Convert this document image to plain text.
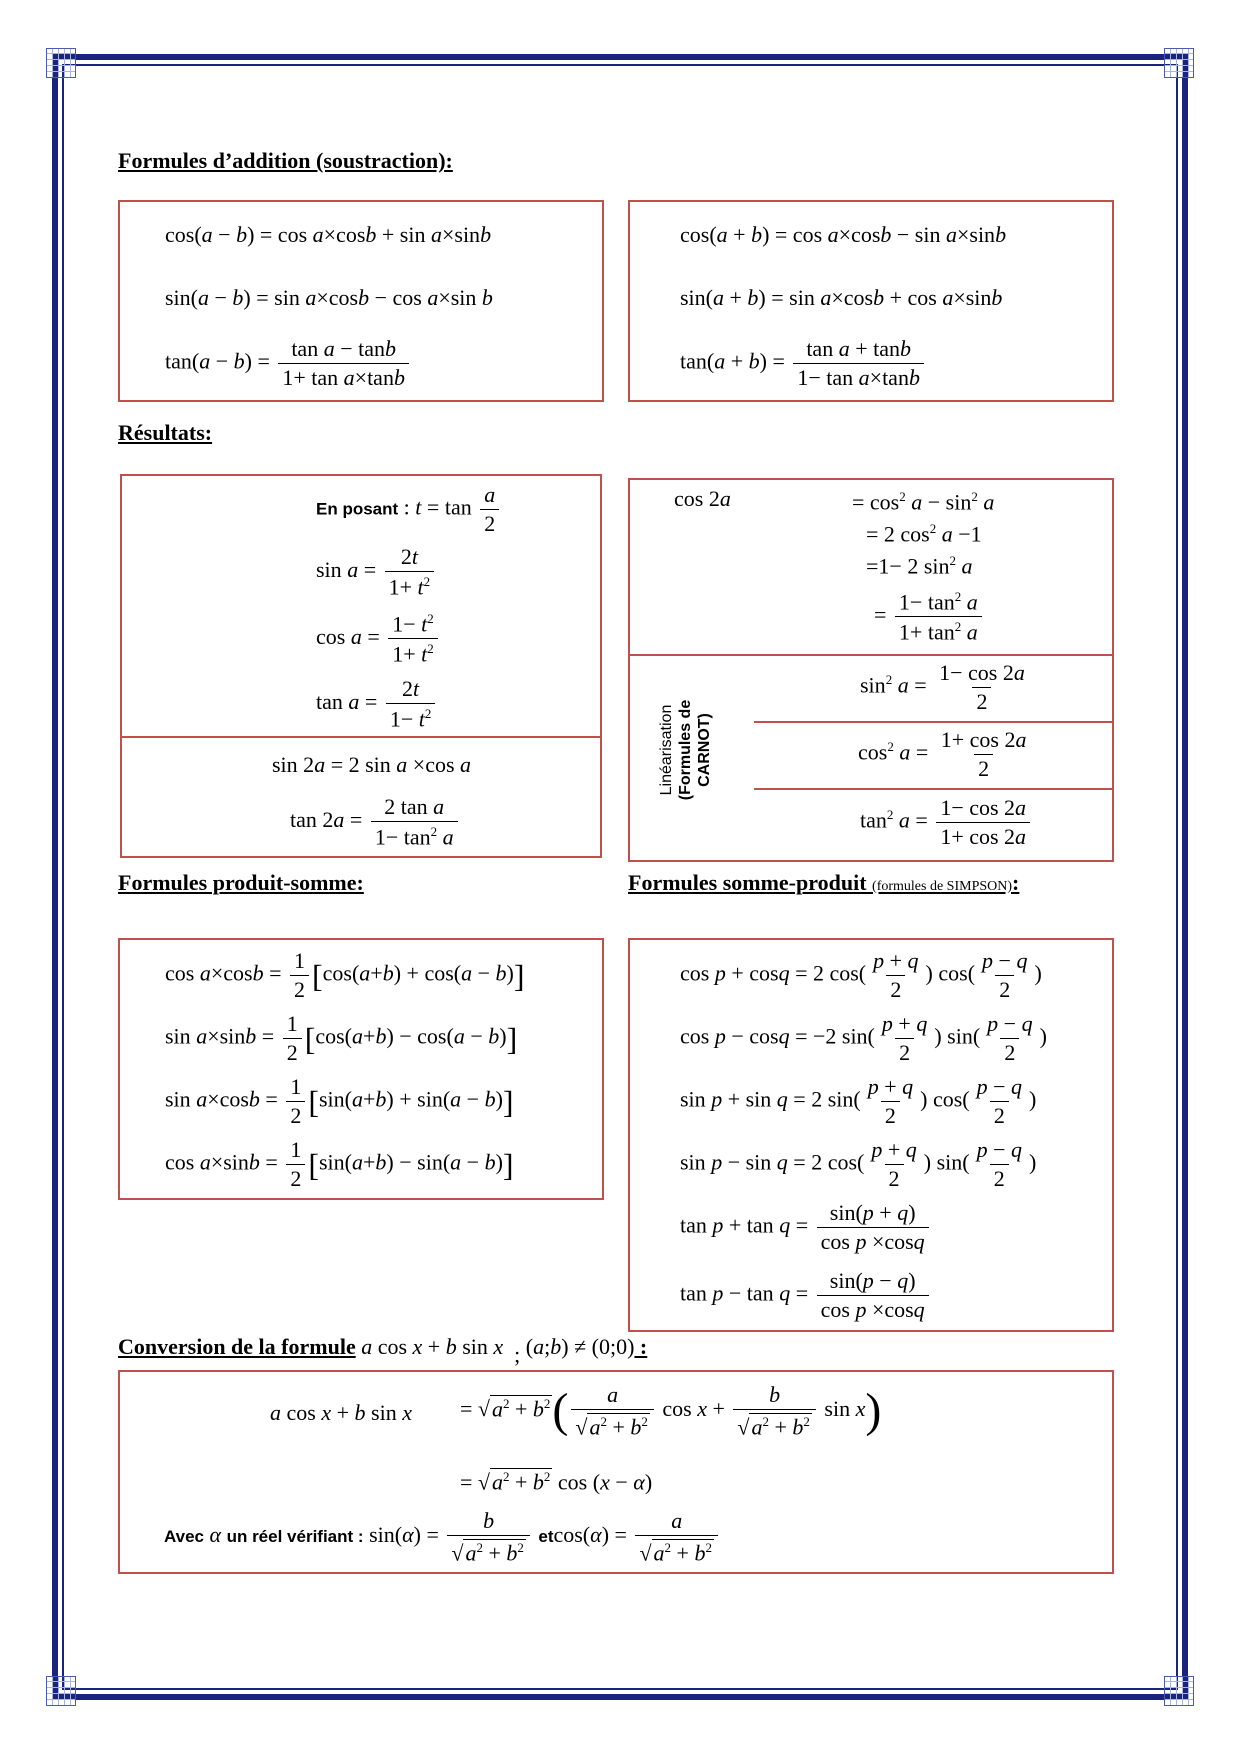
Formules d’addition (soustraction):
cos(a − b) = cos a×cosb + sin a×sinb
sin(a − b) = sin a×cosb − cos a×sin b
$\tan(a - b) = \frac{\text{tan a − tanb}}{\text{1+ tan a×tanb}}$
cos(a + b) = cos a×cosb − sin a×sinb
sin(a + b) = sin a×cosb + cos a×sinb
$\tan(a + b) = \frac{\text{tan a + tanb}}{\text{1− tan a×tanb}}$
Résultats:
En posant : $t = \tan \frac{a}{2}$
$\sin a = \frac{2t}{1+ t^2}$
$\cos a = \frac{1- t^2}{1+ t^2}$
$\tan a = \frac{2t}{1- t^2}$
sin 2a = 2 sin a ×cos a
$\tan 2a = \frac{\text{2 tan a}}{1- \tan^2 a}$
cos 2a	= $\cos^2 a - \sin^2 a$
= 2 $\cos^2 a -1$
=1− 2 $\sin^2 a$
= $\frac{1- \tan^2 a}{1+ \tan^2 a}$
Linéarisation (Formules de CARNOT)
$\sin^2 a = \frac{1- \cos 2a}{2}$
$\cos^2 a = \frac{1+ \cos 2a}{2}$
$\tan^2 a = \frac{1- \cos 2a}{1+ \cos 2a}$
Formules produit-somme:	Formules somme-produit (formules de SIMPSON):
$\cos a\times\cos b = \frac{1}{2} [\cos(a+b) + \cos(a - b)]$
$\sin a\times\sin b = \frac{1}{2} [\cos(a+b) - \cos(a - b)]$
$\sin a\times\cos b = \frac{1}{2} [\sin(a+b) + \sin(a - b)]$
$\cos a\times\sin b = \frac{1}{2} [\sin(a+b) - \sin(a - b)]$
cos p + cosq = 2 $\cos( \frac{p + q}{2}$ ) $\cos( \frac{p - q}{2}$ )
cos p − cosq = −2 $\sin( \frac{p + q}{2}$ ) $\sin( \frac{p - q}{2}$ )
sin p + sin q = 2 $\sin( \frac{p + q}{2}$ ) $\cos( \frac{p - q}{2}$ )
sin p − sin q = 2 $\cos( \frac{p + q}{2}$ ) $\sin( \frac{p - q}{2}$ )
$\tan p + \tan q = \frac{\sin(p + q)}{\text{cos p ×cosq}}$
$\tan p - \tan q = \frac{\sin(p - q)}{\text{cos p ×cosq}}$
Conversion de la formule a cos x + b sin x ; (a;b) ≠ (0;0) :
a cos x + b $\sin x = √a^2 + b^2( \frac{a}{√a^2 + b^2}$ $\cos x + \frac{b}{√a^2 + b^2}$ sin x)
= $√a^2 + b^2$ cos (x − α)
Avec α un réel vérifiant : $\sin(\alpha) = \frac{b}{√a^2 + b^2} etcos(\alpha) = \frac{a}{√a^2 + b^2}$
